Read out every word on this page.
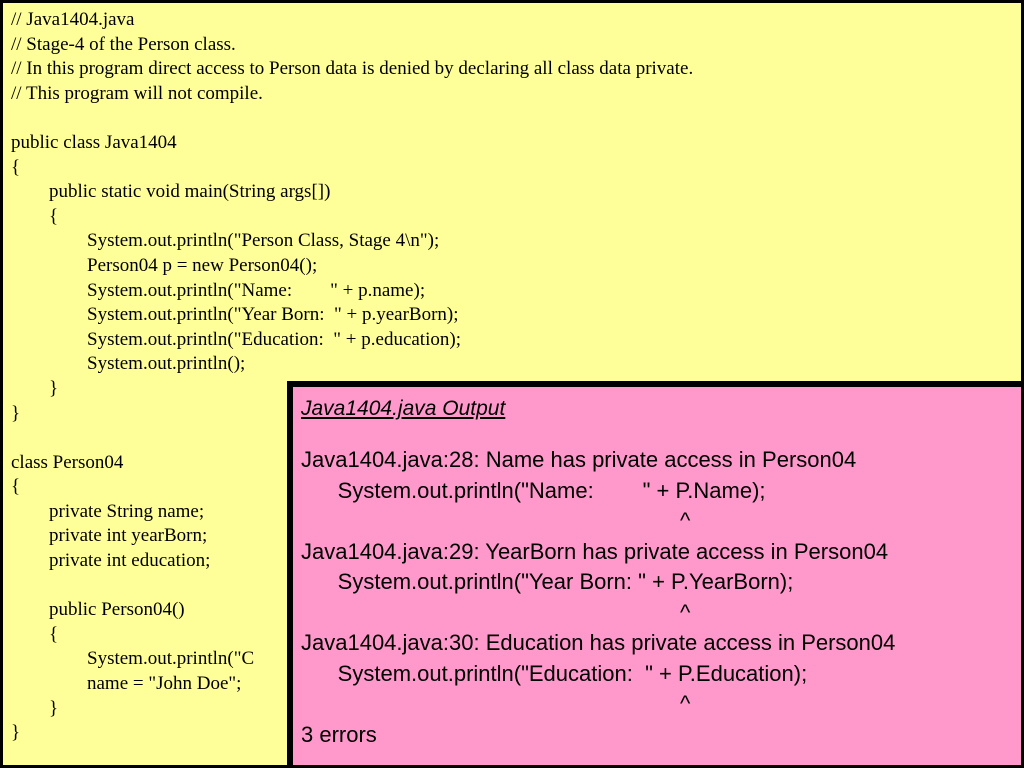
// Java1404.java
// Stage-4 of the Person class.
// In this program direct access to Person data is denied by declaring all class data private.
// This program will not compile.
public class Java1404
{
public static void main(String args[])
{
System.out.println("Person Class, Stage 4\n");
Person04 p = new Person04();
System.out.println("Name:        " + p.name);
System.out.println("Year Born:  " + p.yearBorn);
System.out.println("Education:  " + p.education);
System.out.println();
}
}
class Person04
{
private String name;
private int yearBorn;
private int education;
public Person04()
{
System.out.println("C
name = "John Doe";
}
}
Java1404.java Output
Java1404.java:28: Name has private access in Person04
System.out.println("Name:        " + P.Name);
^
Java1404.java:29: YearBorn has private access in Person04
System.out.println("Year Born: " + P.YearBorn);
^
Java1404.java:30: Education has private access in Person04
System.out.println("Education:  " + P.Education);
^
3 errors
